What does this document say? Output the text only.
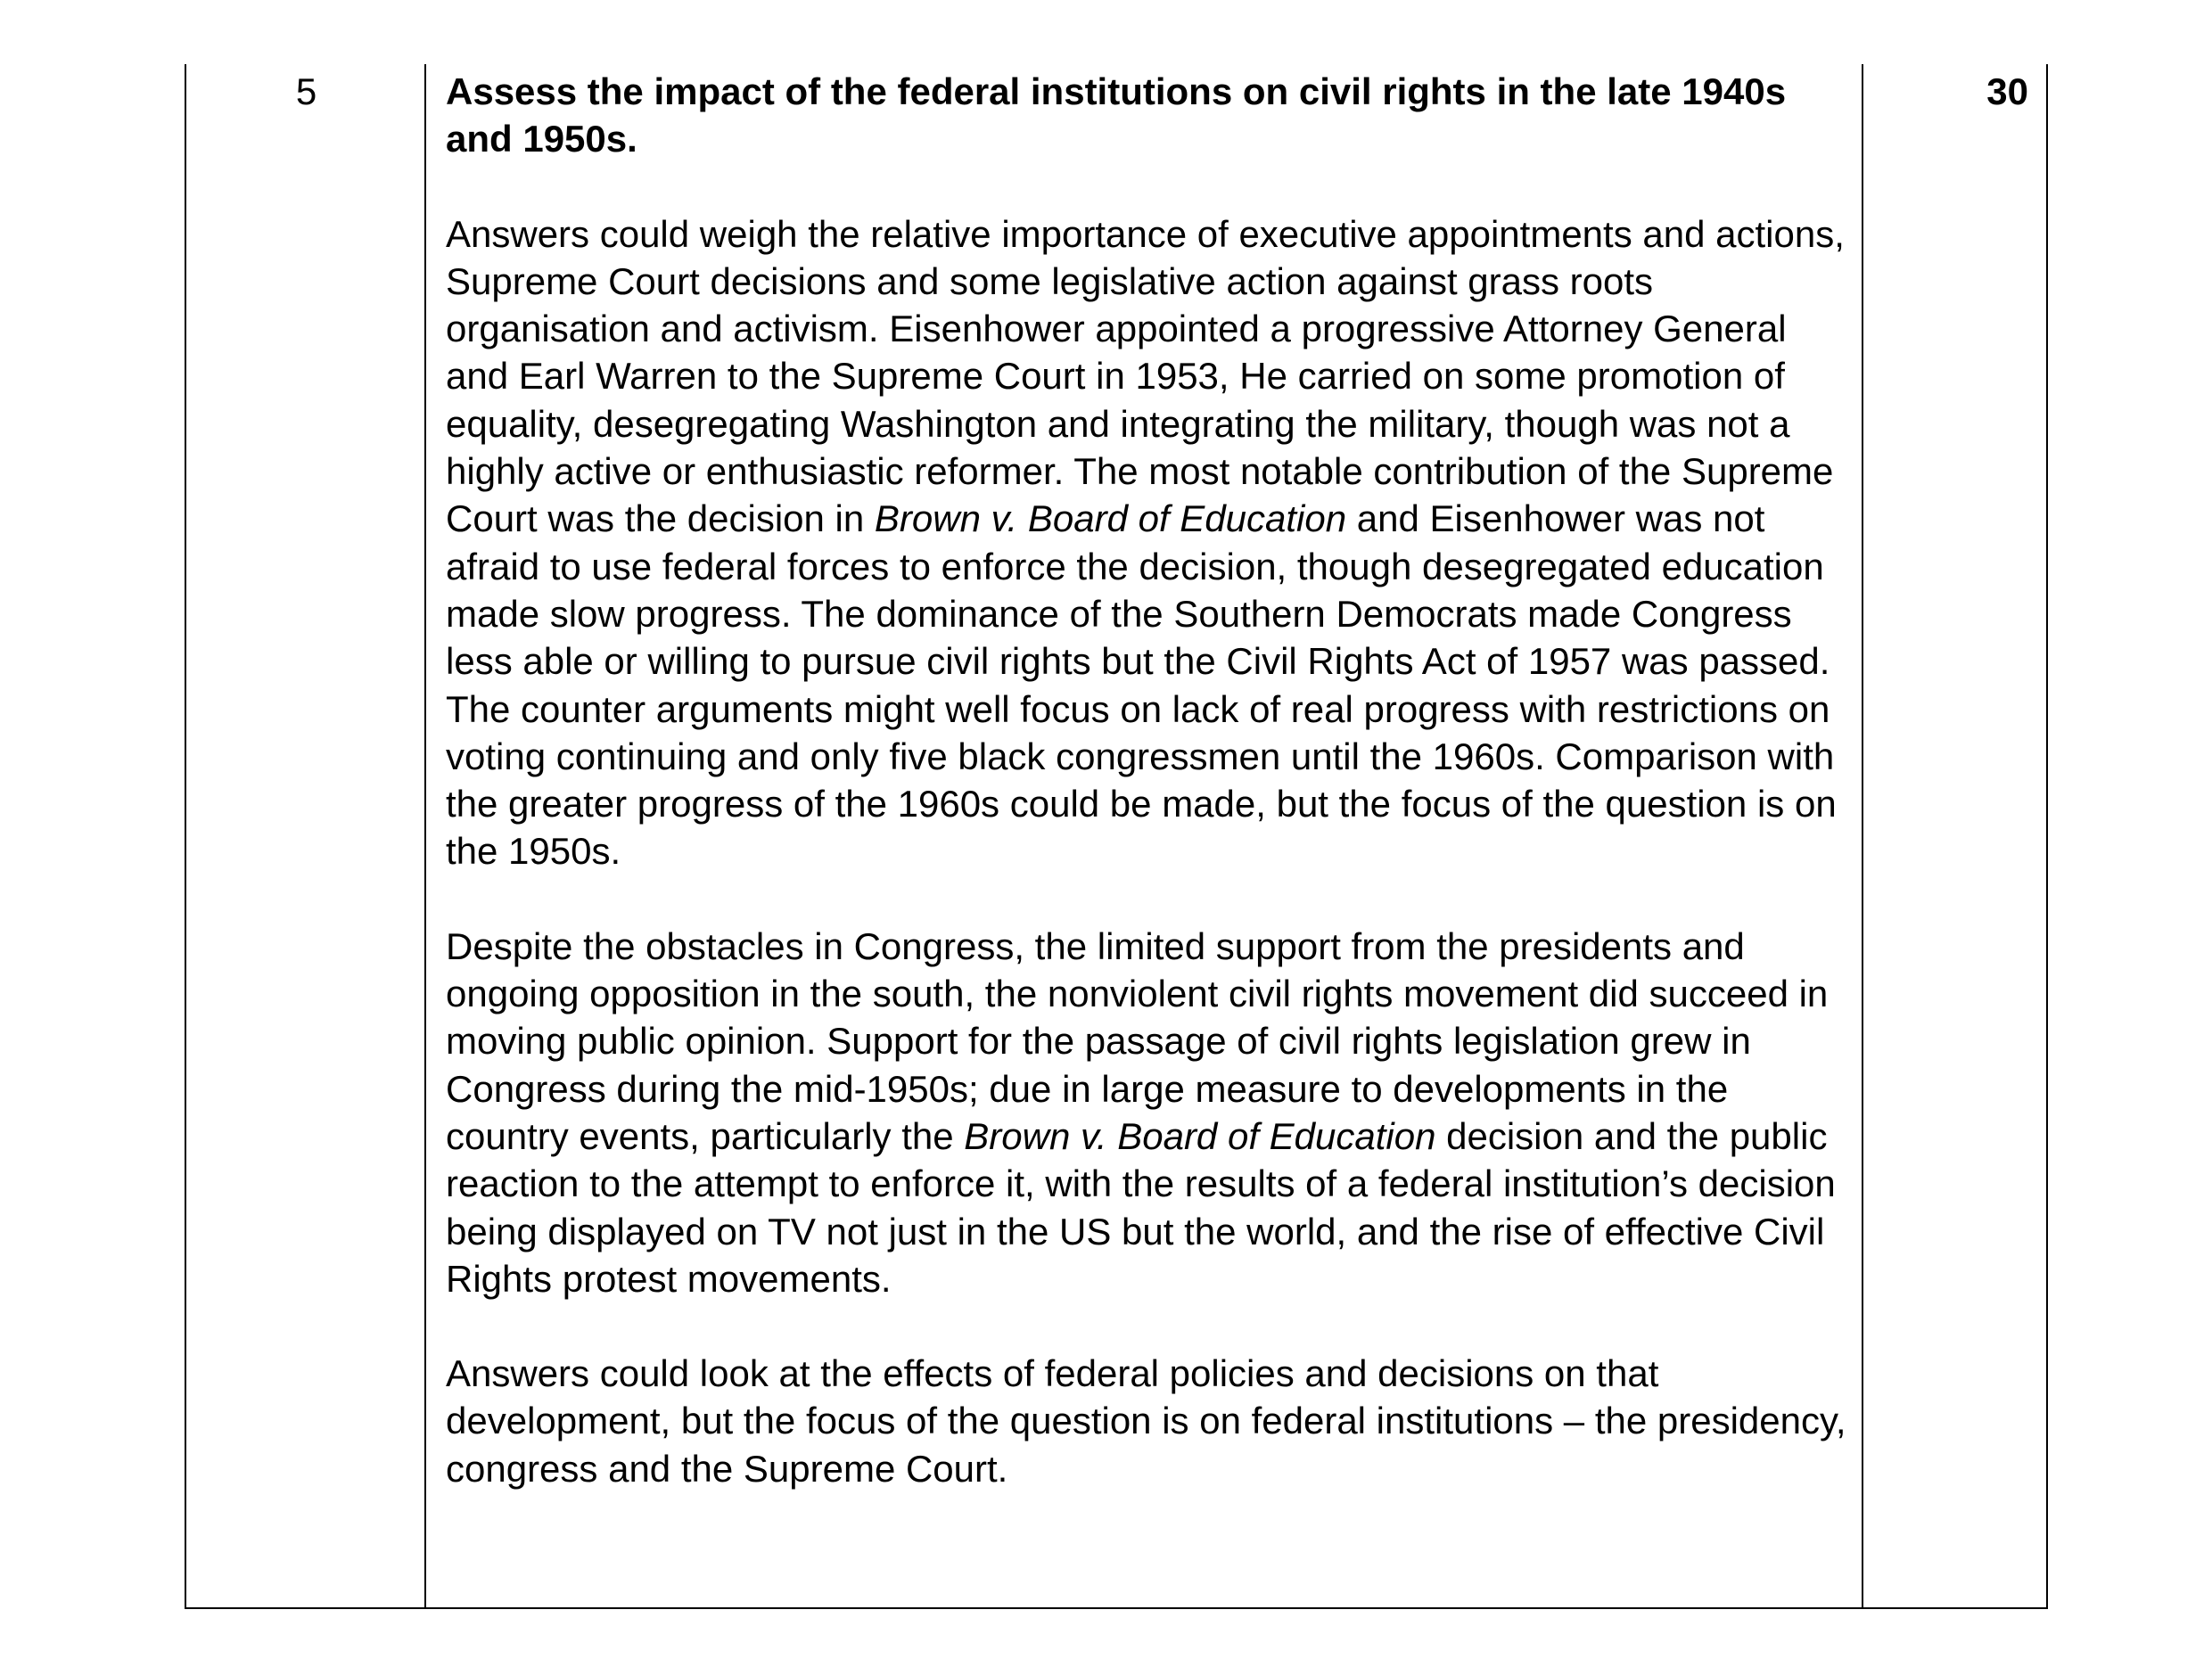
5	Assess the impact of the federal institutions on civil rights in the late 1940s and 1950s.

Answers could weigh the relative importance of executive appointments and actions, Supreme Court decisions and some legislative action against grass roots organisation and activism. Eisenhower appointed a progressive Attorney General and Earl Warren to the Supreme Court in 1953, He carried on some promotion of equality, desegregating Washington and integrating the military, though was not a highly active or enthusiastic reformer. The most notable contribution of the Supreme Court was the decision in Brown v. Board of Education and Eisenhower was not afraid to use federal forces to enforce the decision, though desegregated education made slow progress. The dominance of the Southern Democrats made Congress less able or willing to pursue civil rights but the Civil Rights Act of 1957 was passed. The counter arguments might well focus on lack of real progress with restrictions on voting continuing and only five black congressmen until the 1960s. Comparison with the greater progress of the 1960s could be made, but the focus of the question is on the 1950s.

Despite the obstacles in Congress, the limited support from the presidents and ongoing opposition in the south, the nonviolent civil rights movement did succeed in moving public opinion. Support for the passage of civil rights legislation grew in Congress during the mid-1950s; due in large measure to developments in the country events, particularly the Brown v. Board of Education decision and the public reaction to the attempt to enforce it, with the results of a federal institution’s decision being displayed on TV not just in the US but the world, and the rise of effective Civil Rights protest movements.

Answers could look at the effects of federal policies and decisions on that development, but the focus of the question is on federal institutions – the presidency, congress and the Supreme Court.

30
